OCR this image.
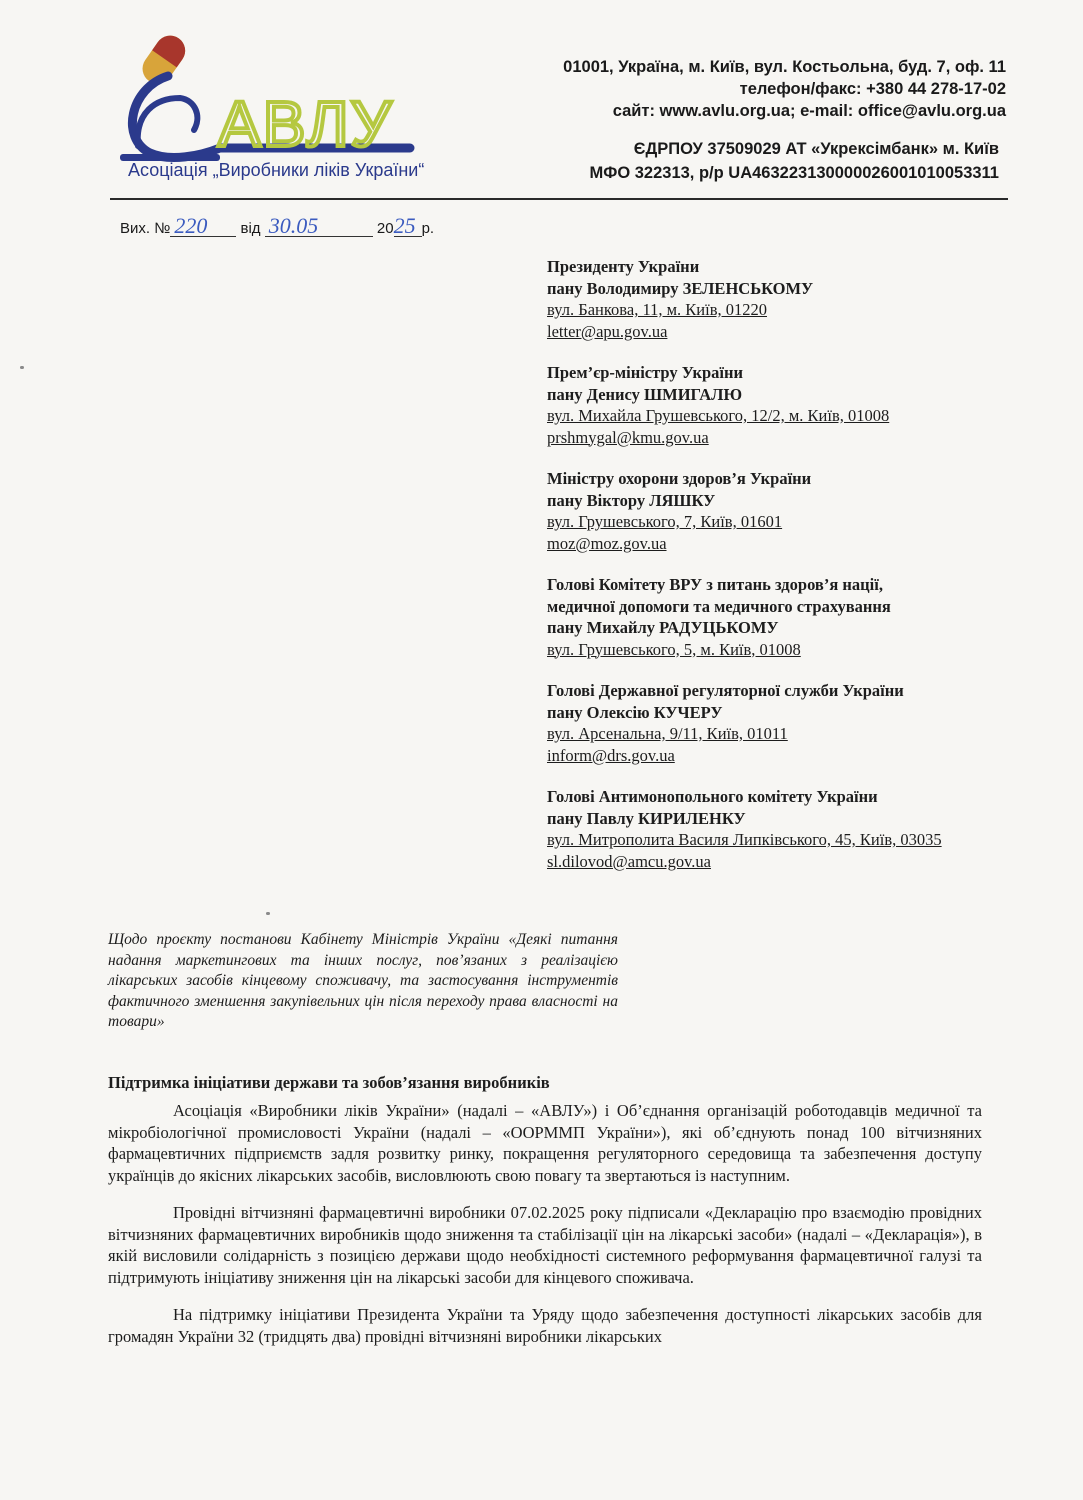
АВЛУ
Асоціація „Виробники ліків України“
01001, Україна, м. Київ, вул. Костьольна, буд. 7, оф. 11
телефон/факс: +380 44 278-17-02
сайт: www.avlu.org.ua; e-mail: office@avlu.org.ua
ЄДРПОУ 37509029 АТ «Укрексімбанк» м. Київ
МФО 322313, р/р UA463223130000026001010053311
Вих. № 220 від 30.05	2025 р.
Президенту України
пану Володимиру ЗЕЛЕНСЬКОМУ
вул. Банкова, 11, м. Київ, 01220
letter@apu.gov.ua
Прем’єр-міністру України
пану Денису ШМИГАЛЮ
вул. Михайла Грушевського, 12/2, м. Київ, 01008
prshmygal@kmu.gov.ua
Міністру охорони здоров’я України
пану Віктору ЛЯШКУ
вул. Грушевського, 7, Київ, 01601
moz@moz.gov.ua
Голові Комітету ВРУ з питань здоров’я нації,
медичної допомоги та медичного страхування
пану Михайлу РАДУЦЬКОМУ
вул. Грушевського, 5, м. Київ, 01008
Голові Державної регуляторної служби України
пану Олексію КУЧЕРУ
вул. Арсенальна, 9/11, Київ, 01011
inform@drs.gov.ua
Голові Антимонопольного комітету України
пану Павлу КИРИЛЕНКУ
вул. Митрополита Василя Липківського, 45, Київ, 03035
sl.dilovod@amcu.gov.ua
Щодо проєкту постанови Кабінету Міністрів України «Деякі питання надання маркетингових та інших послуг, пов’язаних з реалізацією лікарських засобів кінцевому споживачу, та застосування інструментів фактичного зменшення закупівельних цін після переходу права власності на товари»
Підтримка ініціативи держави та зобов’язання виробників

Асоціація «Виробники ліків України» (надалі – «АВЛУ») і Об’єднання організацій роботодавців медичної та мікробіологічної промисловості України (надалі – «ООРММП України»), які об’єднують понад 100 вітчизняних фармацевтичних підприємств задля розвитку ринку, покращення регуляторного середовища та забезпечення доступу українців до якісних лікарських засобів, висловлюють свою повагу та звертаються із наступним.

Провідні вітчизняні фармацевтичні виробники 07.02.2025 року підписали «Декларацію про взаємодію провідних вітчизняних фармацевтичних виробників щодо зниження та стабілізації цін на лікарські засоби» (надалі – «Декларація»), в якій висловили солідарність з позицією держави щодо необхідності системного реформування фармацевтичної галузі та підтримують ініціативу зниження цін на лікарські засоби для кінцевого споживача.

На підтримку ініціативи Президента України та Уряду щодо забезпечення доступності лікарських засобів для громадян України 32 (тридцять два) провідні вітчизняні виробники лікарських
